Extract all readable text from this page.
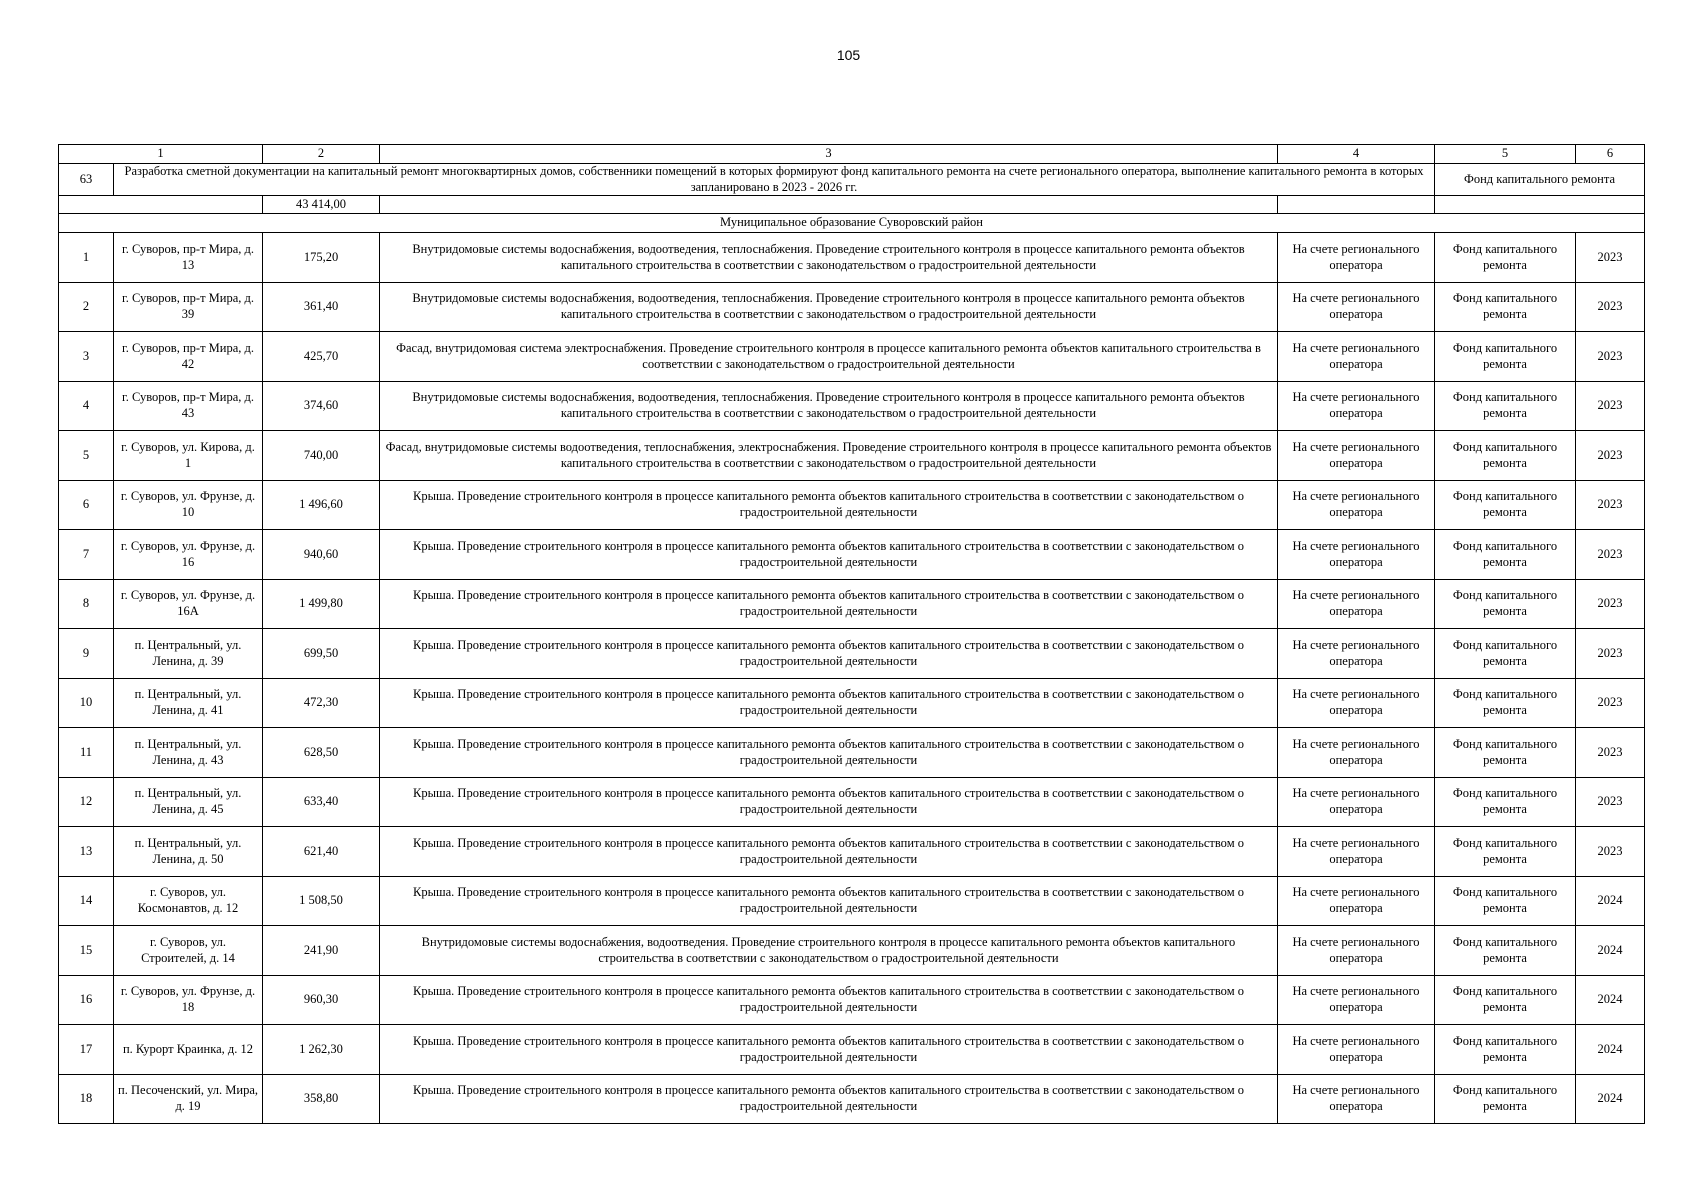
105
1		2	3	4	5	6
63	Разработка сметной документации на капитальный ремонт многоквартирных домов, собственники помещений в которых формируют фонд капитального ремонта на счете регионального оператора, выполнение капитального ремонта в которых запланировано в 2023 - 2026 гг.				Фонд капитального ремонта	
		43 414,00				
Муниципальное образование Суворовский район						
1	г. Суворов, пр-т Мира, д. 13	175,20	Внутридомовые системы водоснабжения, водоотведения, теплоснабжения. Проведение строительного контроля в процессе капитального ремонта объектов капитального строительства в соответствии с законодательством о градостроительной деятельности	На счете регионального оператора	Фонд капитального ремонта	2023
2	г. Суворов, пр-т Мира, д. 39	361,40	Внутридомовые системы водоснабжения, водоотведения, теплоснабжения. Проведение строительного контроля в процессе капитального ремонта объектов капитального строительства в соответствии с законодательством о градостроительной деятельности	На счете регионального оператора	Фонд капитального ремонта	2023
3	г. Суворов, пр-т Мира, д. 42	425,70	Фасад, внутридомовая система электроснабжения. Проведение строительного контроля в процессе капитального ремонта объектов капитального строительства в соответствии с законодательством о градостроительной деятельности	На счете регионального оператора	Фонд капитального ремонта	2023
4	г. Суворов, пр-т Мира, д. 43	374,60	Внутридомовые системы водоснабжения, водоотведения, теплоснабжения. Проведение строительного контроля в процессе капитального ремонта объектов капитального строительства в соответствии с законодательством о градостроительной деятельности	На счете регионального оператора	Фонд капитального ремонта	2023
5	г. Суворов, ул. Кирова, д. 1	740,00	Фасад, внутридомовые системы водоотведения, теплоснабжения, электроснабжения. Проведение строительного контроля в процессе капитального ремонта объектов капитального строительства в соответствии с законодательством о градостроительной деятельности	На счете регионального оператора	Фонд капитального ремонта	2023
6	г. Суворов, ул. Фрунзе, д. 10	1 496,60	Крыша. Проведение строительного контроля в процессе капитального ремонта объектов капитального строительства в соответствии с законодательством о градостроительной деятельности	На счете регионального оператора	Фонд капитального ремонта	2023
7	г. Суворов, ул. Фрунзе, д. 16	940,60	Крыша. Проведение строительного контроля в процессе капитального ремонта объектов капитального строительства в соответствии с законодательством о градостроительной деятельности	На счете регионального оператора	Фонд капитального ремонта	2023
8	г. Суворов, ул. Фрунзе, д. 16А	1 499,80	Крыша. Проведение строительного контроля в процессе капитального ремонта объектов капитального строительства в соответствии с законодательством о градостроительной деятельности	На счете регионального оператора	Фонд капитального ремонта	2023
9	п. Центральный, ул. Ленина, д. 39	699,50	Крыша. Проведение строительного контроля в процессе капитального ремонта объектов капитального строительства в соответствии с законодательством о градостроительной деятельности	На счете регионального оператора	Фонд капитального ремонта	2023
10	п. Центральный, ул. Ленина, д. 41	472,30	Крыша. Проведение строительного контроля в процессе капитального ремонта объектов капитального строительства в соответствии с законодательством о градостроительной деятельности	На счете регионального оператора	Фонд капитального ремонта	2023
11	п. Центральный, ул. Ленина, д. 43	628,50	Крыша. Проведение строительного контроля в процессе капитального ремонта объектов капитального строительства в соответствии с законодательством о градостроительной деятельности	На счете регионального оператора	Фонд капитального ремонта	2023
12	п. Центральный, ул. Ленина, д. 45	633,40	Крыша. Проведение строительного контроля в процессе капитального ремонта объектов капитального строительства в соответствии с законодательством о градостроительной деятельности	На счете регионального оператора	Фонд капитального ремонта	2023
13	п. Центральный, ул. Ленина, д. 50	621,40	Крыша. Проведение строительного контроля в процессе капитального ремонта объектов капитального строительства в соответствии с законодательством о градостроительной деятельности	На счете регионального оператора	Фонд капитального ремонта	2023
14	г. Суворов, ул. Космонавтов, д. 12	1 508,50	Крыша. Проведение строительного контроля в процессе капитального ремонта объектов капитального строительства в соответствии с законодательством о градостроительной деятельности	На счете регионального оператора	Фонд капитального ремонта	2024
15	г. Суворов, ул. Строителей, д. 14	241,90	Внутридомовые системы водоснабжения, водоотведения. Проведение строительного контроля в процессе капитального ремонта объектов капитального строительства в соответствии с законодательством о градостроительной деятельности	На счете регионального оператора	Фонд капитального ремонта	2024
16	г. Суворов, ул. Фрунзе, д. 18	960,30	Крыша. Проведение строительного контроля в процессе капитального ремонта объектов капитального строительства в соответствии с законодательством о градостроительной деятельности	На счете регионального оператора	Фонд капитального ремонта	2024
17	п. Курорт Краинка, д. 12	1 262,30	Крыша. Проведение строительного контроля в процессе капитального ремонта объектов капитального строительства в соответствии с законодательством о градостроительной деятельности	На счете регионального оператора	Фонд капитального ремонта	2024
18	п. Песоченский, ул. Мира, д. 19	358,80	Крыша. Проведение строительного контроля в процессе капитального ремонта объектов капитального строительства в соответствии с законодательством о градостроительной деятельности	На счете регионального оператора	Фонд капитального ремонта	2024
